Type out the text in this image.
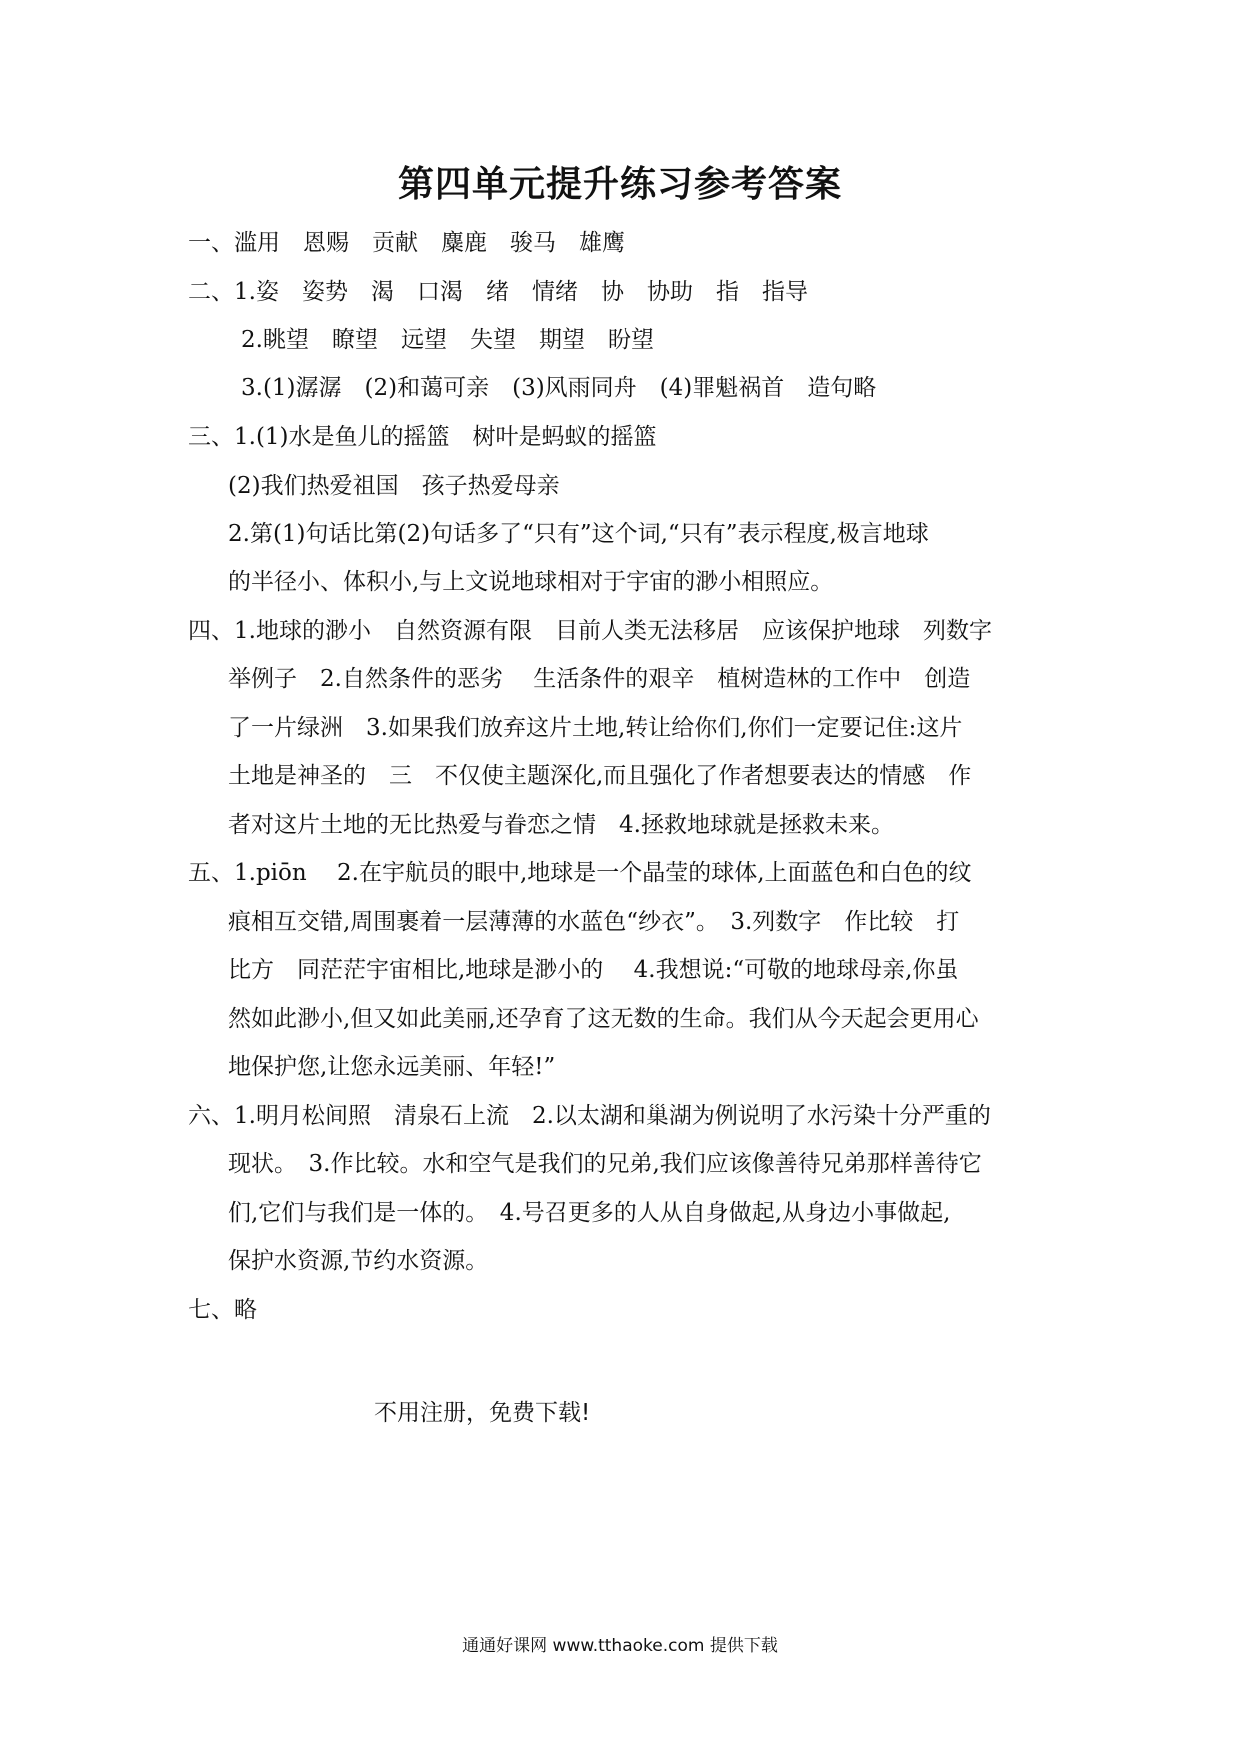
第四单元提升练习参考答案
一、滥用　恩赐　贡献　麋鹿　骏马　雄鹰
二、1.姿　姿势　渴　口渴　绪　情绪　协　协助　指　指导
2.眺望　瞭望　远望　失望　期望　盼望
3.(1)潺潺　(2)和蔼可亲　(3)风雨同舟　(4)罪魁祸首　造句略
三、1.(1)水是鱼儿的摇篮　树叶是蚂蚁的摇篮
(2)我们热爱祖国　孩子热爱母亲
2.第(1)句话比第(2)句话多了“只有”这个词,“只有”表示程度,极言地球
的半径小、体积小,与上文说地球相对于宇宙的渺小相照应。
四、1.地球的渺小　自然资源有限　目前人类无法移居　应该保护地球　列数字
举例子　2.自然条件的恶劣　 生活条件的艰辛　植树造林的工作中　创造
了一片绿洲　3.如果我们放弃这片土地,转让给你们,你们一定要记住:这片
土地是神圣的　三　不仅使主题深化,而且强化了作者想要表达的情感　作
者对这片土地的无比热爱与眷恋之情　4.拯救地球就是拯救未来。
五、1.piōn　 2.在宇航员的眼中,地球是一个晶莹的球体,上面蓝色和白色的纹
痕相互交错,周围裹着一层薄薄的水蓝色“纱衣”。　3.列数字　作比较　打
比方　同茫茫宇宙相比,地球是渺小的　 4.我想说:“可敬的地球母亲,你虽
然如此渺小,但又如此美丽,还孕育了这无数的生命。我们从今天起会更用心
地保护您,让您永远美丽、年轻!”
六、1.明月松间照　清泉石上流　2.以太湖和巢湖为例说明了水污染十分严重的
现状。　3.作比较。水和空气是我们的兄弟,我们应该像善待兄弟那样善待它
们,它们与我们是一体的。　4.号召更多的人从自身做起,从身边小事做起,
保护水资源,节约水资源。
七、略
不用注册，免费下载!
通通好课网 www.tthaoke.com 提供下载
